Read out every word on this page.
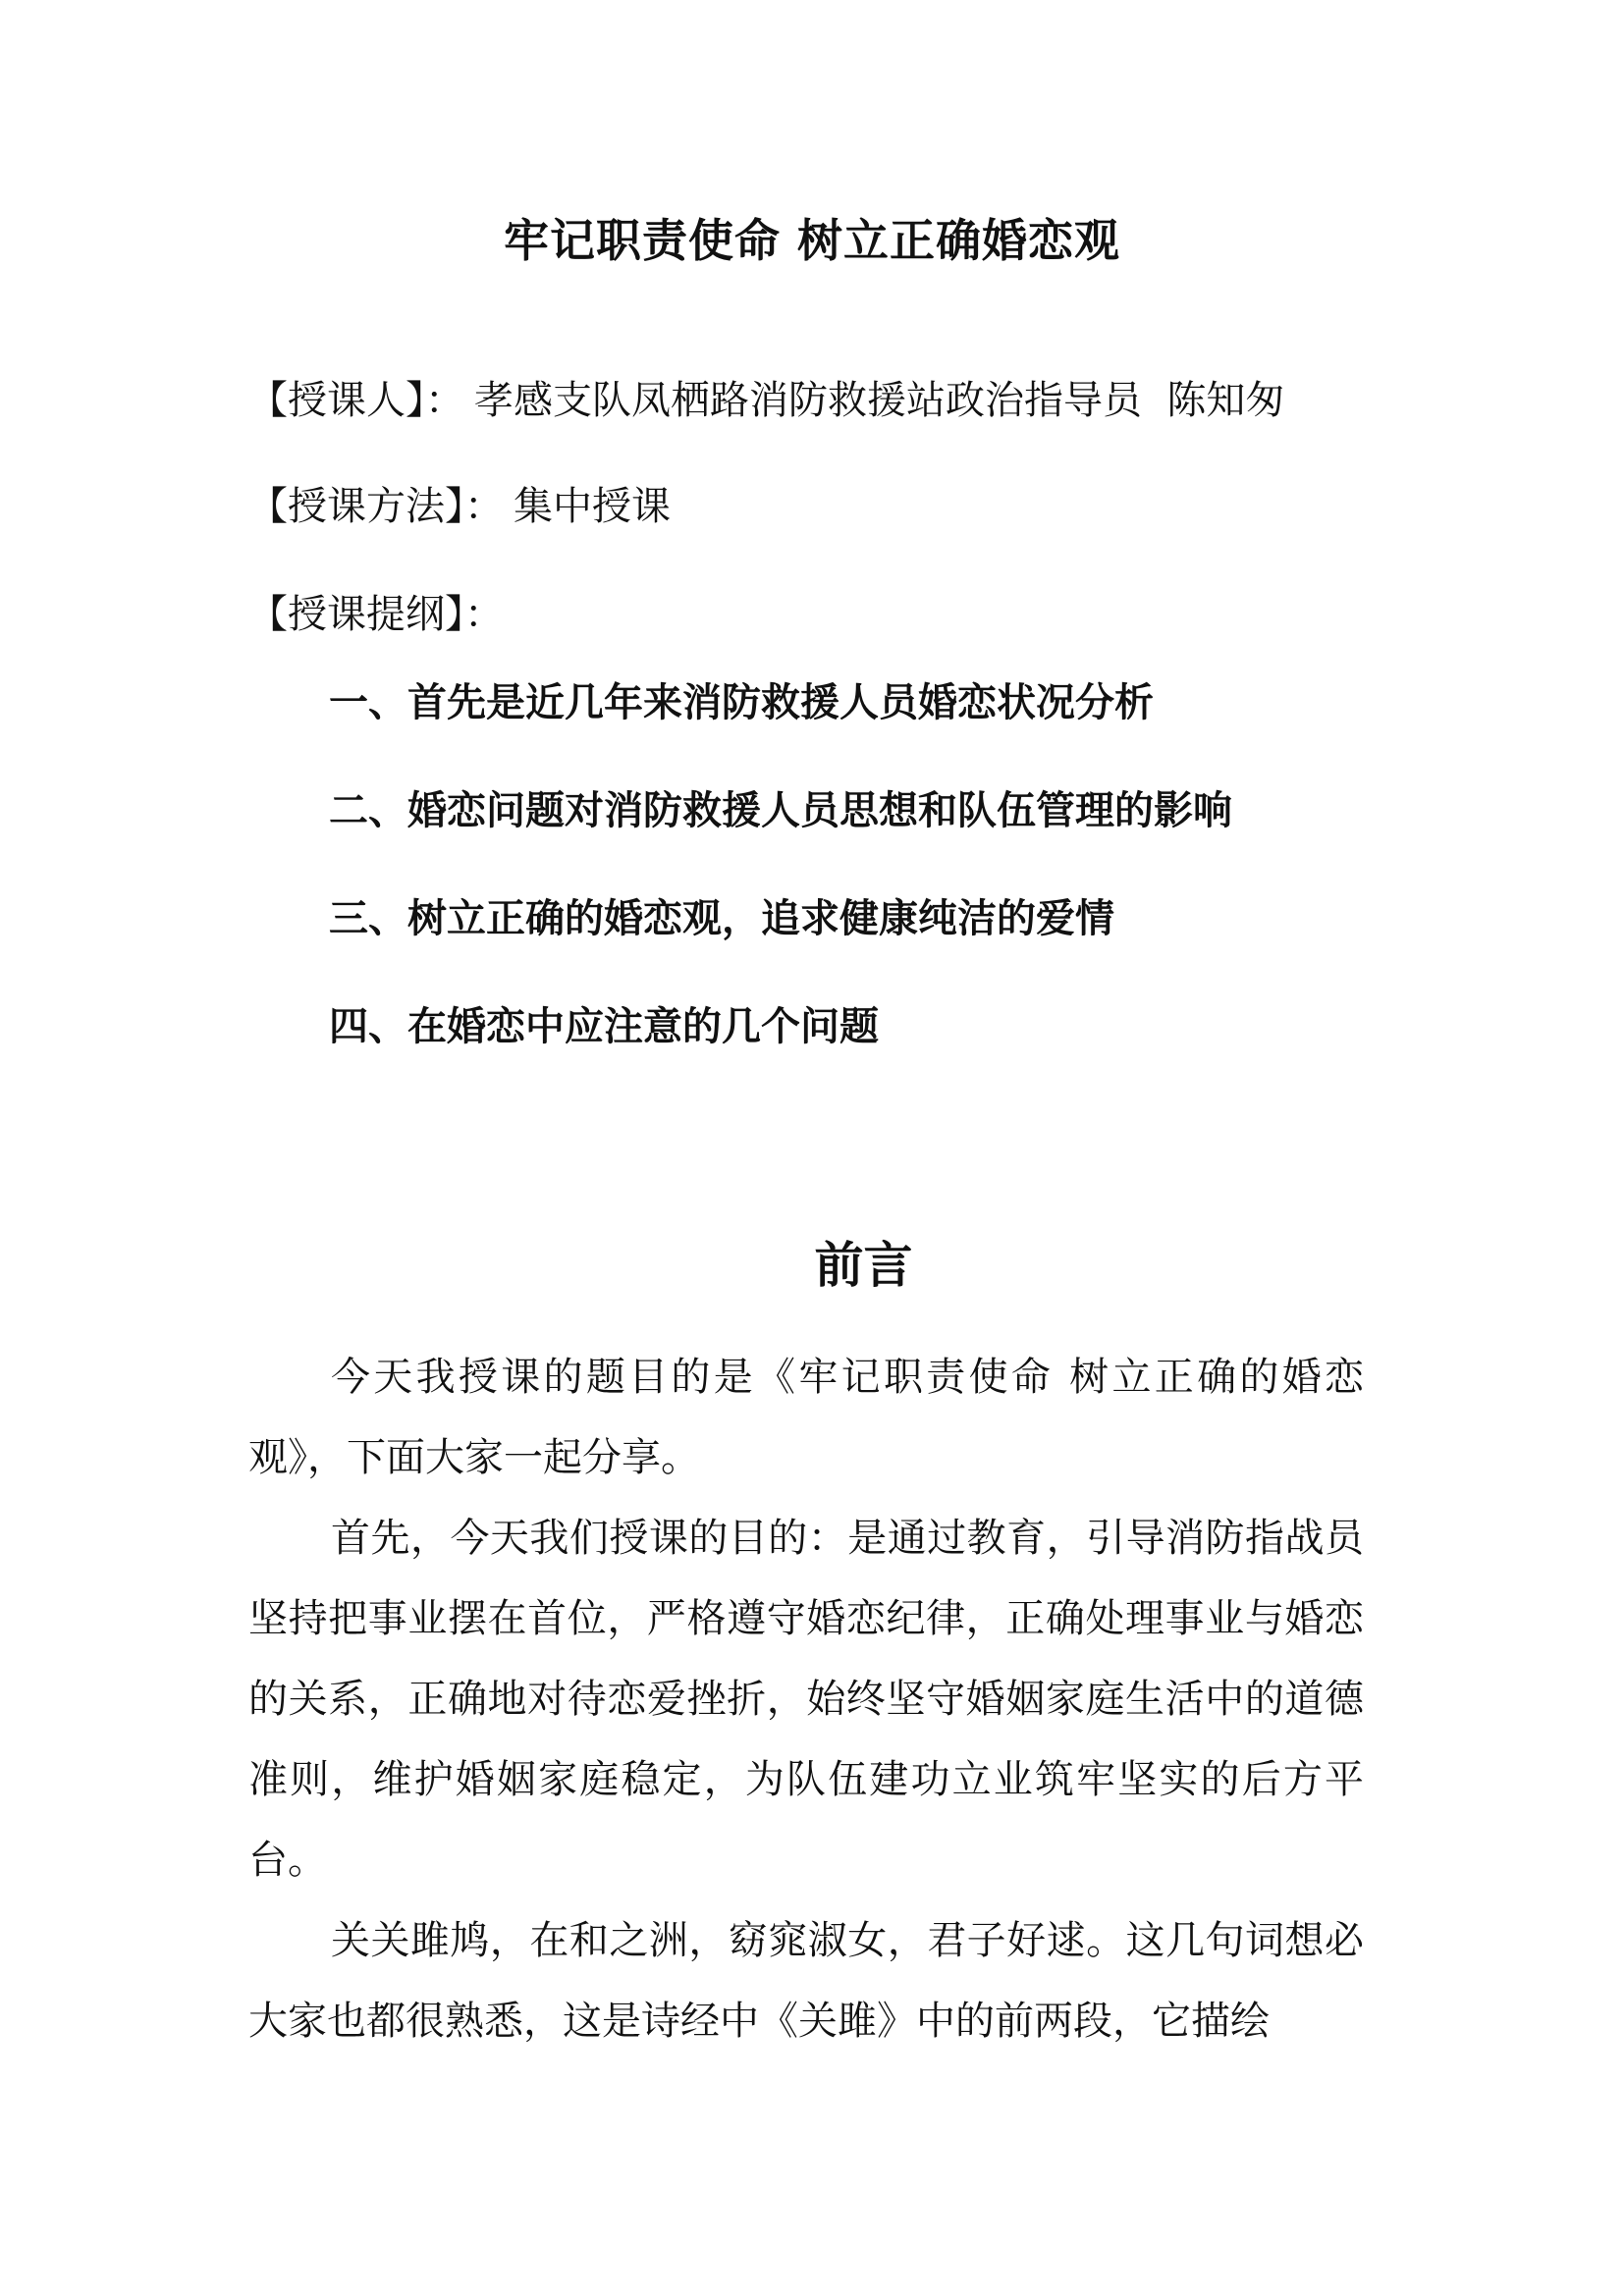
牢记职责使命 树立正确婚恋观
【授课人】： 孝感支队凤栖路消防救援站政治指导员  陈知匆
【授课方法】： 集中授课
【授课提纲】：
一、首先是近几年来消防救援人员婚恋状况分析
二、婚恋问题对消防救援人员思想和队伍管理的影响
三、树立正确的婚恋观，追求健康纯洁的爱情
四、在婚恋中应注意的几个问题
前言

今天我授课的题目的是《牢记职责使命 树立正确的婚恋观》，下面大家一起分享。

首先，今天我们授课的目的：是通过教育，引导消防指战员坚持把事业摆在首位，严格遵守婚恋纪律，正确处理事业与婚恋的关系，正确地对待恋爱挫折，始终坚守婚姻家庭生活中的道德准则，维护婚姻家庭稳定，为队伍建功立业筑牢坚实的后方平台。

关关雎鸠，在和之洲，窈窕淑女，君子好逑。这几句词想必大家也都很熟悉，这是诗经中《关雎》中的前两段，它描绘
